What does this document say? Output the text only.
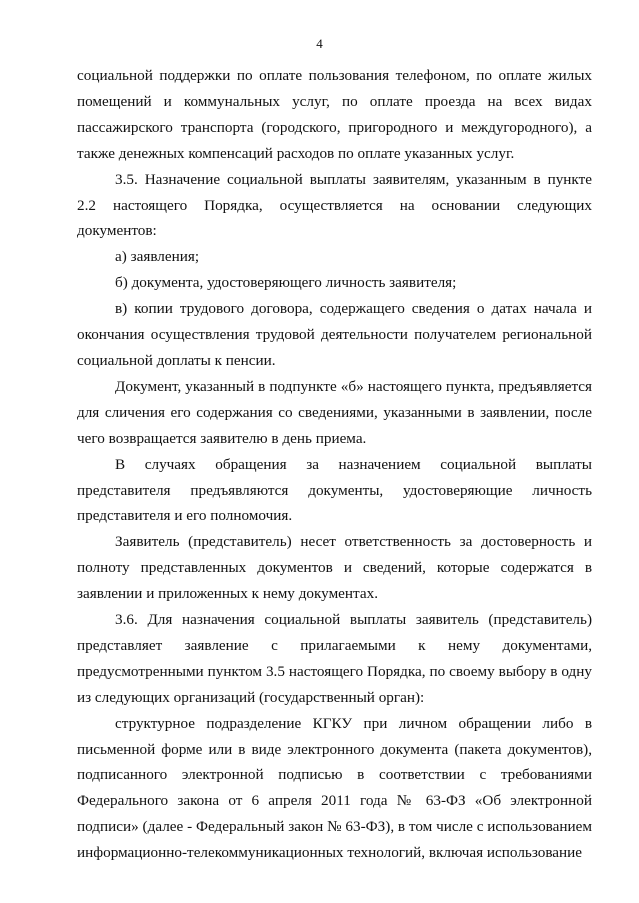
4

социальной поддержки по оплате пользования телефоном, по оплате жилых помещений и коммунальных услуг, по оплате проезда на всех видах пассажирского транспорта (городского, пригородного и междугородного), а также денежных компенсаций расходов по оплате указанных услуг.

3.5. Назначение социальной выплаты заявителям, указанным в пункте 2.2 настоящего Порядка, осуществляется на основании следующих документов:

а) заявления;

б) документа, удостоверяющего личность заявителя;

в) копии трудового договора, содержащего сведения о датах начала и окончания осуществления трудовой деятельности получателем региональной социальной доплаты к пенсии.

Документ, указанный в подпункте «б» настоящего пункта, предъявляется для сличения его содержания со сведениями, указанными в заявлении, после чего возвращается заявителю в день приема.

В случаях обращения за назначением социальной выплаты представителя предъявляются документы, удостоверяющие личность представителя и его полномочия.

Заявитель (представитель) несет ответственность за достоверность и полноту представленных документов и сведений, которые содержатся в заявлении и приложенных к нему документах.

3.6. Для назначения социальной выплаты заявитель (представитель) представляет заявление с прилагаемыми к нему документами, предусмотренными пунктом 3.5 настоящего Порядка, по своему выбору в одну из следующих организаций (государственный орган):

структурное подразделение КГКУ при личном обращении либо в письменной форме или в виде электронного документа (пакета документов), подписанного электронной подписью в соответствии с требованиями Федерального закона от 6 апреля 2011 года № 63-ФЗ «Об электронной подписи» (далее - Федеральный закон № 63-ФЗ), в том числе с использованием информационно-телекоммуникационных технологий, включая использование
